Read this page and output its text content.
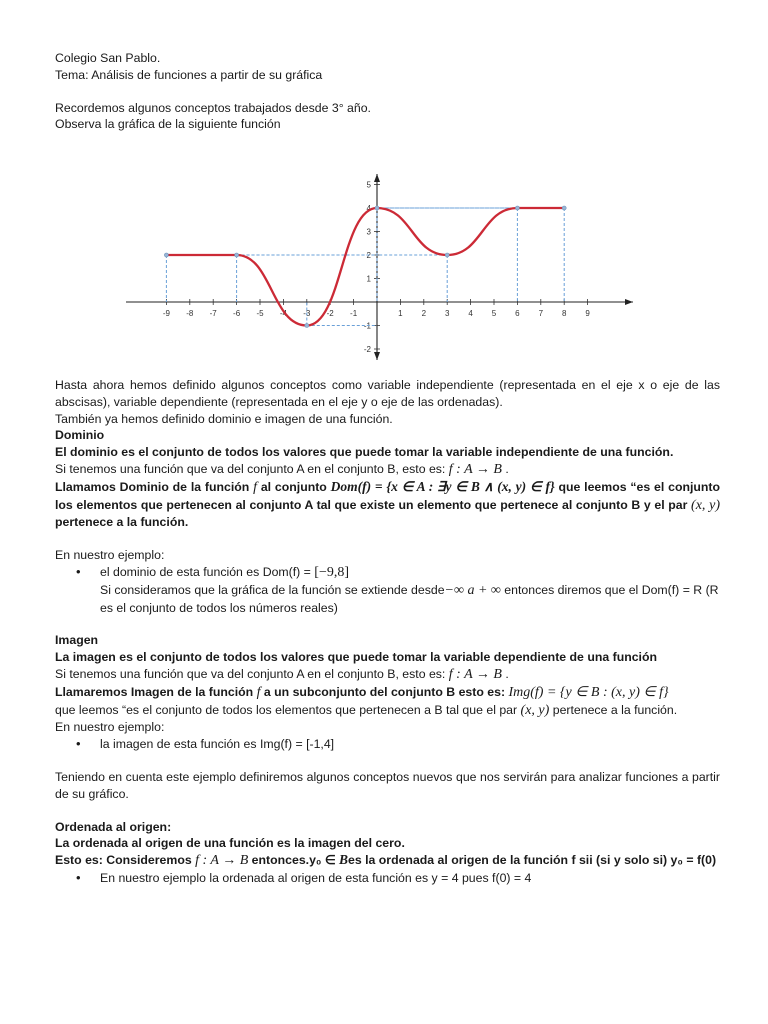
Colegio San Pablo.

Tema: Análisis de funciones a partir de su gráfica

Recordemos algunos conceptos trabajados desde 3° año.

Observa la gráfica de la siguiente función

-9 -8 -7 -6 -5 -4 -3 -2 -1	1 2 3 4 5 6 7 8 9
5
4
3
2
1
-1
-2

Hasta ahora hemos definido algunos conceptos como variable independiente (representada en el eje x o eje de las abscisas), variable dependiente (representada en el eje y o eje de las ordenadas).

También ya hemos definido dominio e imagen de una función.

Dominio

El dominio es el conjunto de todos los valores que puede tomar la variable independiente de una función.

Si tenemos una función que va del conjunto A en el conjunto B, esto es: f : A → B .

Llamamos Dominio de la función f al conjunto Dom(f) = {x ∈ A : ∃y ∈ B ∧ (x, y) ∈ f} que leemos “es el conjunto los elementos que pertenecen al conjunto A tal que existe un elemento que pertenece al conjunto B y el par (x, y) pertenece a la función.

En nuestro ejemplo:

• el dominio de esta función es Dom(f) = [−9,8]

Si consideramos que la gráfica de la función se extiende desde−∞ a + ∞ entonces diremos que el Dom(f) = R (R es el conjunto de todos los números reales)

Imagen

La imagen es el conjunto de todos los valores que puede tomar la variable dependiente de una función

Si tenemos una función que va del conjunto A en el conjunto B, esto es: f : A → B .

Llamaremos Imagen de la función f a un subconjunto del conjunto B esto es: Img(f) = {y ∈ B : (x, y) ∈ f}

que leemos “es el conjunto de todos los elementos que pertenecen a B tal que el par (x, y) pertenece a la función.

En nuestro ejemplo:

• la imagen de esta función es Img(f) = [-1,4]

Teniendo en cuenta este ejemplo definiremos algunos conceptos nuevos que nos servirán para analizar funciones a partir de su gráfico.

Ordenada al origen:

La ordenada al origen de una función es la imagen del cero.

Esto es: Consideremos f : A → B entonces.y₀ ∈ Bes la ordenada al origen de la función f sii (si y solo si) y₀ = f(0)

• En nuestro ejemplo la ordenada al origen de esta función es y = 4 pues f(0) = 4
